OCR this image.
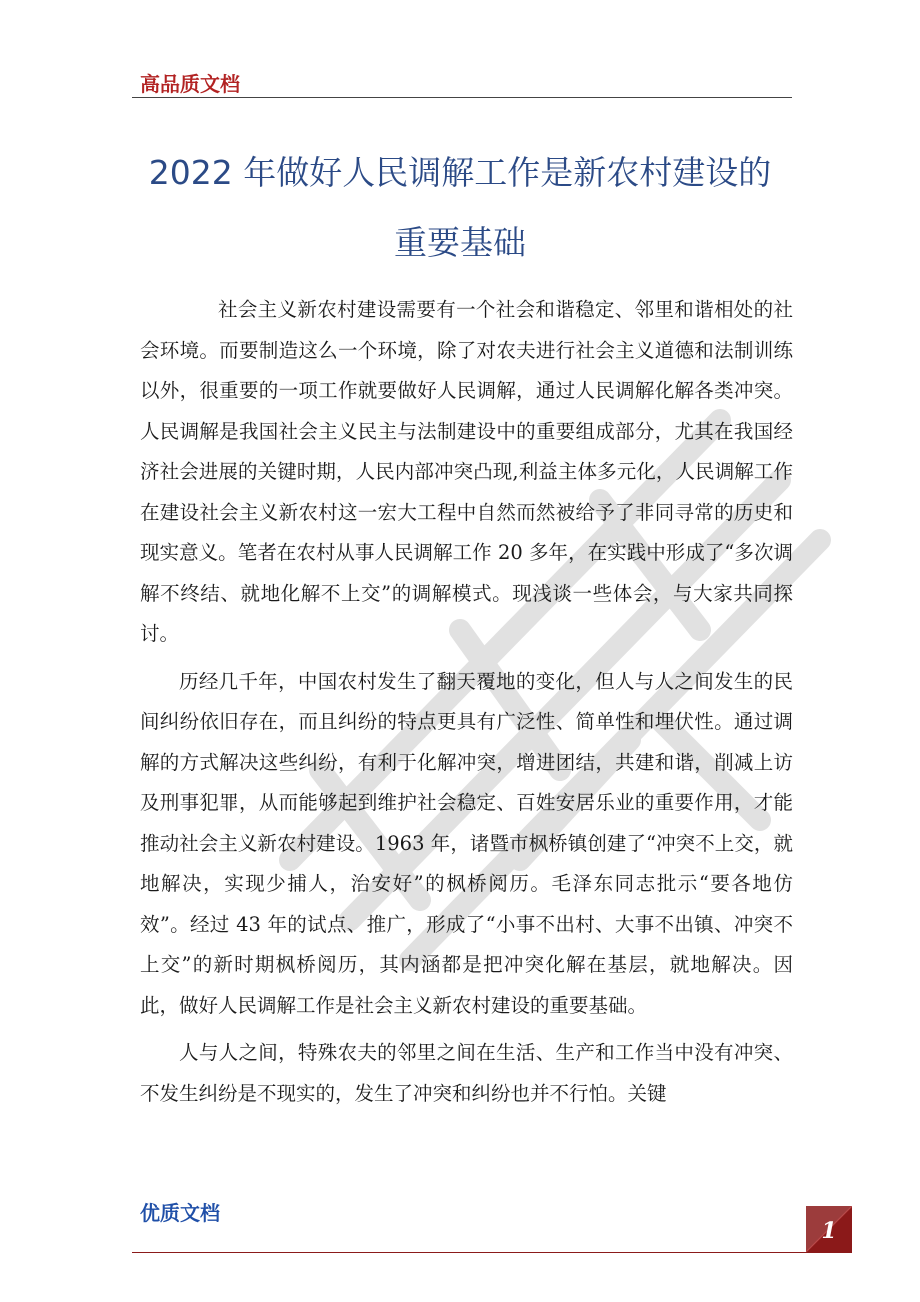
高品质文档
2022 年做好人民调解工作是新农村建设的
重要基础

社会主义新农村建设需要有一个社会和谐稳定、邻里和谐相处的社会环境。而要制造这么一个环境，除了对农夫进行社会主义道德和法制训练以外，很重要的一项工作就要做好人民调解，通过人民调解化解各类冲突。人民调解是我国社会主义民主与法制建设中的重要组成部分，尤其在我国经济社会进展的关键时期，人民内部冲突凸现,利益主体多元化，人民调解工作在建设社会主义新农村这一宏大工程中自然而然被给予了非同寻常的历史和现实意义。笔者在农村从事人民调解工作 20 多年，在实践中形成了“多次调解不终结、就地化解不上交”的调解模式。现浅谈一些体会，与大家共同探讨。

历经几千年，中国农村发生了翻天覆地的变化，但人与人之间发生的民间纠纷依旧存在，而且纠纷的特点更具有广泛性、简单性和埋伏性。通过调解的方式解决这些纠纷，有利于化解冲突，增进团结，共建和谐，削减上访及刑事犯罪，从而能够起到维护社会稳定、百姓安居乐业的重要作用，才能推动社会主义新农村建设。1963 年，诸暨市枫桥镇创建了“冲突不上交，就地解决，实现少捕人，治安好”的枫桥阅历。毛泽东同志批示“要各地仿效”。经过 43 年的试点、推广，形成了“小事不出村、大事不出镇、冲突不上交”的新时期枫桥阅历，其内涵都是把冲突化解在基层，就地解决。因此，做好人民调解工作是社会主义新农村建设的重要基础。

人与人之间，特殊农夫的邻里之间在生活、生产和工作当中没有冲突、不发生纠纷是不现实的，发生了冲突和纠纷也并不行怕。关键

优质文档
1
